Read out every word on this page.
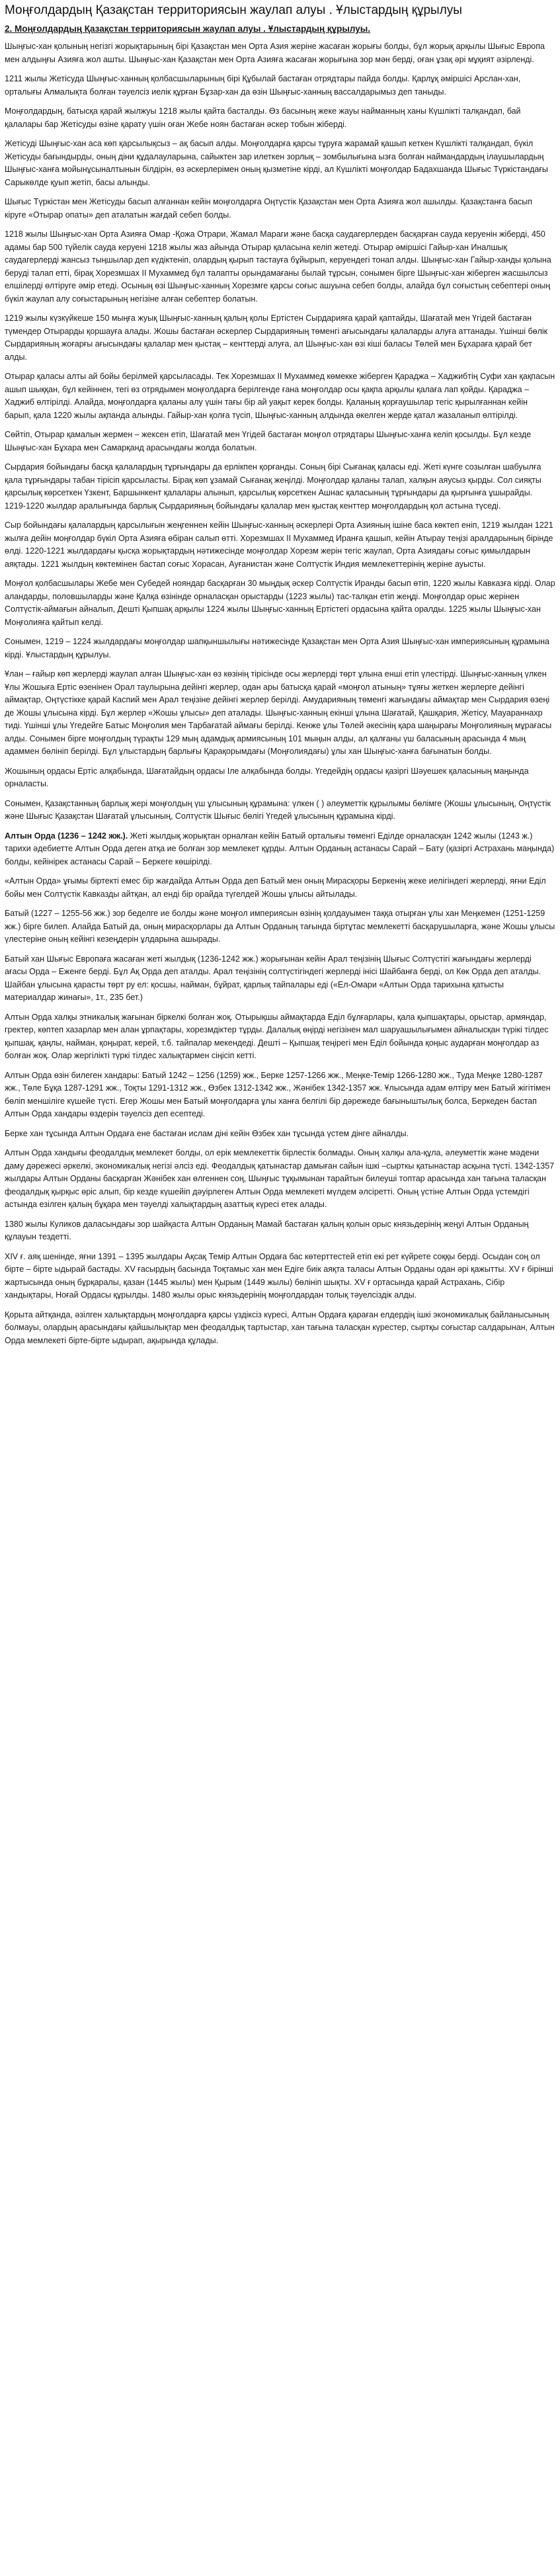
Моңғолдардың Қазақстан территориясын жаулап алуы . Ұлыстардың құрылуы
2. Моңғолдардың Қазақстан территориясын жаулап алуы . Ұлыстардың құрылуы.

Шыңғыс-хан қолының негізгі жорықтарының бірі Қазақстан мен Орта Азия жеріне жасаған жорығы болды, бұл жорық арқылы Шығыс Европа мен алдыңғы Азияға жол ашты. Шыңғыс-хан Қазақстан мен Орта Азияға жасаған жорығына зор мән берді, оған ұзақ әрі мұқият әзірленді.

1211 жылы Жетісуда Шыңғыс-ханның қолбасшыларының бірі Құбылай бастаған отрядтары пайда болды. Қарлұқ әміршісі Арслан-хан, орталығы Алмалықта болған тәуелсіз иелік құрған Бұзар-хан да өзін Шыңғыс-ханның вассалдарымыз деп таныды.

Моңғолдардың, батысқа қарай жылжуы 1218 жылы қайта басталды. Өз басының жеке жауы найманның ханы Күшлікті талқандап, бай қалалары бар Жетісуды өзіне қарату үшін оған Жебе ноян бастаған әскер тобын жіберді.

Жетісуді Шыңғыс-хан аса көп қарсылықсыз – ақ басып алды. Моңғолдарға қарсы тұруға жарамай қашып кеткен Күшлікті талқандап, бүкіл Жетісуды бағындырды, оның діни құдалауларына, сайыктен зар илеткен зорлық – зомбылығына ызға болған наймандардың ілаушылардың Шыңғыс-ханға мойынұсыналтынын білдірін, өз әскерлерімен оның қызметіне кірді, ал Күшлікті моңғолдар Бадахшанда Шығыс Түркістандағы Сарыкөлде қуып жетіп, басы алынды.

Шығыс Түркістан мен Жетісуды басып алғаннан кейін моңғолдарға Оңтүстік Қазақстан мен Орта Азияға жол ашылды. Қазақстанға басып кіруге «Отырар опаты» деп аталатын жағдай себеп болды.

1218 жылы Шыңғыс-хан Орта Азияға Омар -Қожа Отрари, Жамал Мараги және басқа саудагерлерден басқарған сауда керуенін жіберді, 450 адамы бар 500 түйелік сауда керуені 1218 жылы жаз айында Отырар қаласына келіп жетеді. Отырар әміршісі Гайыр-хан Иналшық саудагерлерді жансыз тыңшылар деп күдіктеніп, олардың қырып тастауға бұйырып, керуендегі тонап алды. Шыңғыс-хан Гайыр-ханды қолына беруді талап етті, бірақ Хорезмшах II Мухаммед бұл талапты орындамағаны былай тұрсын, сонымен бірге Шыңғыс-хан жіберген жасшылсыз елшілерді өлтіруге әмір етеді. Осының өзі Шыңғыс-ханның Хорезмге қарсы соғыс ашуына себеп болды, алайда бұл соғыстың себептері оның бүкіл жаулап алу соғыстарының негізіне алған себептер болатын.

1219 жылы күзкүйкеше 150 мыңға жуық Шыңғыс-ханның қалың қолы Ертістен Сырдарияға қарай қаптайды, Шағатай мен Үгідей бастаған түмендер Отырарды қоршауға алады. Жошы бастаған әскерлер Сырдарияның төменгі ағысындағы қалаларды алуға аттанады. Үшінші бөлік Сырдарияның жоғарғы ағысындағы қалалар мен қыстақ – кенттерді алуға, ал Шыңғыс-хан өзі кіші баласы Төлей мен Бұхараға қарай бет алды.

Отырар қаласы алты ай бойы берілмей қарсыласады. Тек Хорезмшах II Мухаммед көмекке жіберген Қараджа – Хаджибтің Суфи хан қақпасын ашып шыққан, бұл кейіннен, тегі өз отрядымен моңғолдарға берілгенде ғана моңғолдар осы қақпа арқылы қалаға лап қойды. Қараджа – Хаджиб өлтірілді. Алайда, моңғолдарға қаланы алу үшін тағы бір ай уақыт керек болды. Қаланың қорғаушылар тегіс қырылғаннан кейін барып, қала 1220 жылы ақпанда алынды. Гайыр-хан қолға түсіп, Шыңғыс-ханның алдында өкелген жерде қатал жазаланып өлтірілді.

Сөйтіп, Отырар қамалын жермен – жексен етіп, Шағатай мен Үгідей бастаған моңғол отрядтары Шыңғыс-ханға келіп қосылды. Бұл кезде Шыңғыс-хан Бұхара мен Самарқанд арасындағы жолда болатын.

Сырдария бойындағы басқа қалалардың тұрғындары да ерлікпен қорғанды. Соның бірі Сығанақ қаласы еді. Жеті күнге созылған шабуылға қала тұрғындары табан тірісіп қарсыласты. Бірақ көп ұзамай Сығанақ жеңілді. Моңғолдар қаланы талап, халқын аяусыз қырды. Сол сияқты қарсылық көрсеткен Үзкент, Баршынкент қалалары алынып, қарсылық көрсеткен Ашнас қаласының тұрғындары да қырғынға ұшырайды. 1219-1220 жылдар аралығында барлық Сырдарияның бойындағы қалалар мен қыстақ кенттер моңғолдардың қол астына түседі.

Сыр бойындағы қалалардың қарсылығын жеңгеннен кейін Шыңғыс-ханның әскерлері Орта Азияның ішіне баса көктеп еніп, 1219 жылдан 1221 жылға дейін моңғолдар бүкіл Орта Азияға өбіран салып өтті. Хорезмшах II Мухаммед Иранға қашып, кейін Атырау теңізі аралдарының бірінде өлді. 1220-1221 жылдардағы қысқа жорықтардың нәтижесінде моңғолдар Хорезм жерін тегіс жаулап, Орта Азиядағы соғыс қимылдарын аяқтады. 1221 жылдың көктемінен бастап соғыс Хорасан, Ауғанистан және Солтүстік Индия мемлекеттерінің жеріне ауысты.

Моңғол қолбасшылары Жебе мен Субедей нояндар басқарған 30 мыңдық әскер Солтүстік Иранды басып өтіп, 1220 жылы Кавказға кірді. Олар аландарды, половшыларды және Қалқа өзінінде орналасқан орыстарды (1223 жылы) тас-талқан етіп жеңді. Моңғолдар орыс жерінен Солтүстік-аймағын айналып, Дешті Қыпшақ арқылы 1224 жылы Шыңғыс-ханның Ертістегі ордасына қайта оралды. 1225 жылы Шыңғыс-хан Моңғолияға қайтып келді.

Сонымен, 1219 – 1224 жылдардағы моңғолдар шапқыншылығы нәтижесінде Қазақстан мен Орта Азия Шыңғыс-хан империясының құрамына кірді. Ұлыстардың құрылуы.

Ұлан – ғайыр көп жерлерді жаулап алған Шыңғыс-хан өз көзінің тірісінде осы жерлерді төрт ұлына енші етіп үлестірді. Шыңғыс-ханның үлкен Ұлы Жошыға Ертіс өзенінен Орал таулырына дейінгі жерлер, одан ары батысқа қарай «моңғол атының» тұяғы жеткен жерлерге дейінгі аймақтар, Оңтүстікке қарай Каспий мен Арал теңізіне дейінгі жерлер берілді. Амударияның төменгі жағындағы аймақтар мен Сырдария өзеңі де Жошы ұлысына кірді. Бұл жерлер «Жошы ұлысы» деп аталады. Шыңғыс-ханның екінші ұлына Шағатай, Қашқария, Жетісу, Мауараннахр тиді. Үшінші ұлы Үгедейге Батыс Моңғолия мен Тарбағатай аймағы берілді. Кенже ұлы Төлей әкесінің қара шаңырағы Моңғолияның мұрағасы алды. Сонымен бірге моңғолдың түрақты 129 мың адамдық армиясының 101 мыңын алды, ал қалғаны үш баласының арасында 4 мың адаммен бөлініп берілді. Бұл ұлыстардың барлығы Қарақорымдағы (Моңғолиядағы) ұлы хан Шыңғыс-ханға бағынатын болды.

Жошының ордасы Ертіс алқабында, Шағатайдың ордасы Іле алқабында болды. Үгедейдің ордасы қазіргі Шәуешек қаласының маңында орналасты.

Сонымен, Қазақстанның барлық жері моңғолдың үш ұлысының құрамына: үлкен ( ) әлеуметтік құрылымы бөлімге (Жошы ұлысының, Оңтүстік және Шығыс Қазақстан Шағатай ұлысының, Солтүстік Шығыс бөлігі Үгедей ұлысының құрамына кірді.

Алтын Орда (1236 – 1242 жж.). Жеті жылдық жорықтан орналған кейін Батый орталығы төменгі Еділде орналасқан 1242 жылы (1243 ж.) тарихи әдебиетте Алтын Орда деген атқа ие болған зор мемлекет құрды. Алтын Орданың астанасы Сарай – Бату (қазіргі Астрахань маңында) болды, кейінірек астанасы Сарай – Беркеге көшірілді.

«Алтын Орда» ұғымы біртекті емес бір жағдайда Алтын Орда деп Батый мен оның Мирасқоры Беркенің жеке иелігіндегі жерлерді, яғни Еділ бойы мен Солтүстік Кавказды айтқан, ал енді бір орайда түгелдей Жошы ұлысы айтылады.

Батый (1227 – 1255-56 жж.) зор беделге ие болды және моңғол империясын өзінің қолдауымен таққа отырған ұлы хан Меңкемен (1251-1259 жж.) бірге билеп. Алайда Батый да, оның мирасқорлары да Алтын Орданың тағында біртұтас мемлекетті басқарушыларға, және Жошы ұлысы үлестеріне оның кейінгі кезеңдерін ұлдарына ашырады.

Батый хан Шығыс Европаға жасаған жеті жылдық (1236-1242 жж.) жорығынан кейін Арал теңізінің Шығыс Солтүстігі жағындағы жерлерді ағасы Орда – Еженге берді. Бұл Ақ Орда деп аталды. Арал теңізінің солтүстігіндегі жерлерді інісі Шайбанға берді, ол Көк Орда деп аталды. Шайбан ұлысына қарасты төрт ру ел: қосшы, найман, бұйрат, қарлық тайпалары еді («Ел-Омари «Алтын Орда тарихына қатысты материалдар жинағы», 1т., 235 бет.)

Алтын Орда халқы этникалық жағынан біркелкі болған жоқ. Отырықшы аймақтарда Еділ бұлғарлары, қала қыпшақтары, орыстар, армяндар, гректер, көптеп хазарлар мен алан ұрпақтары, хорезмдіктер тұрды. Далалық өңірді негізінен мал шаруашылығымен айналысқан түрікі тілдес қыпшақ, қаңлы, найман, қоңырат, керей, т.б. тайпалар мекендеді. Дешті – Қыпшақ теңірегі мен Еділ бойында қоңыс аударған моңғолдар аз болған жоқ. Олар жергілікті түркі тілдес халықтармен сіңісіп кетті.

Алтын Орда өзін билеген хандары: Батый 1242 – 1256 (1259) жж., Берке 1257-1266 жж., Меңке-Темір 1266-1280 жж., Туда Меңке 1280-1287 жж., Төле Бұқа 1287-1291 жж., Тоқты 1291-1312 жж., Өзбек 1312-1342 жж., Жәнібек 1342-1357 жж. Ұлысында адам өлтіру мен Батый жігітімен бөліп меншіліге күшейе түсті. Егер Жошы мен Батый моңғолдарға ұлы ханға белгілі бір дәрежеде бағыныштылық болса, Беркеден бастап Алтын Орда хандары өздерін тәуелсіз деп есептеді.

Берке хан тұсында Алтын Ордаға ене бастаған ислам діні кейін Өзбек хан тұсында үстем дінге айналды.

Алтын Орда хандығы феодалдық мемлекет болды, ол ерік мемлекеттік бірлестік болмады. Оның халқы ала-құла, әлеуметтік және мәдени даму дәрежесі әркелкі, экономикалық негізі әлсіз еді. Феодалдық қатынастар дамыған сайын ішкі –сырткы қатынастар асқына түсті. 1342-1357 жылдары Алтын Орданы басқарған Жәнібек хан өлгеннен соң, Шыңғыс тұқымынан тарайтын билеуші топтар арасында хан тағына таласқан феодалдық қырқыс өріс алып, бір кезде күшейіп дәуірлеген Алтын Орда мемлекеті мүлдем әлсіретті. Оның үстіне Алтын Орда үстемдігі астында езілген қалың бұқара мен тәуелді халықтардың азаттық күресі етек алады.

1380 жылы Куликов даласындағы зор шайқаста Алтын Орданың Мамай бастаған қалың қолын орыс князьдерінің жеңуі Алтын Орданың құлауын тездетті.

XIV ғ. аяқ шенінде, яғни 1391 – 1395 жылдары Ақсақ Темір Алтын Ордаға бас көтерттестей етіп екі рет күйрете соққы берді. Осыдан соң ол бірте – бірте ыдырай бастады. XV ғасырдың басында Тоқтамыс хан мен Едіге биік аяқта таласы Алтын Орданы одан әрі қажытты. XV ғ бірінші жартысында оның бұрқаралы, қазан (1445 жылы) мен Қырым (1449 жылы) бөлініп шықты. XV ғ ортасында қарай Астрахань, Сібір хандықтары, Ноғай Ордасы құрылды. 1480 жылы орыс князьдерінің моңғолдардан толық тәуелсіздік алды.

Қорыта айтқанда, әзілген халықтардың моңғолдарға қарсы үздіксіз күресі, Алтын Ордаға қараған елдердің ішкі экономикалық байланысының болмауы, олардың арасындағы қайшылықтар мен феодалдық тартыстар, хан тағына таласқан күрестер, сыртқы соғыстар салдарынан, Алтын Орда мемлекеті бірте-бірте ыдырап, ақырында құлады.
